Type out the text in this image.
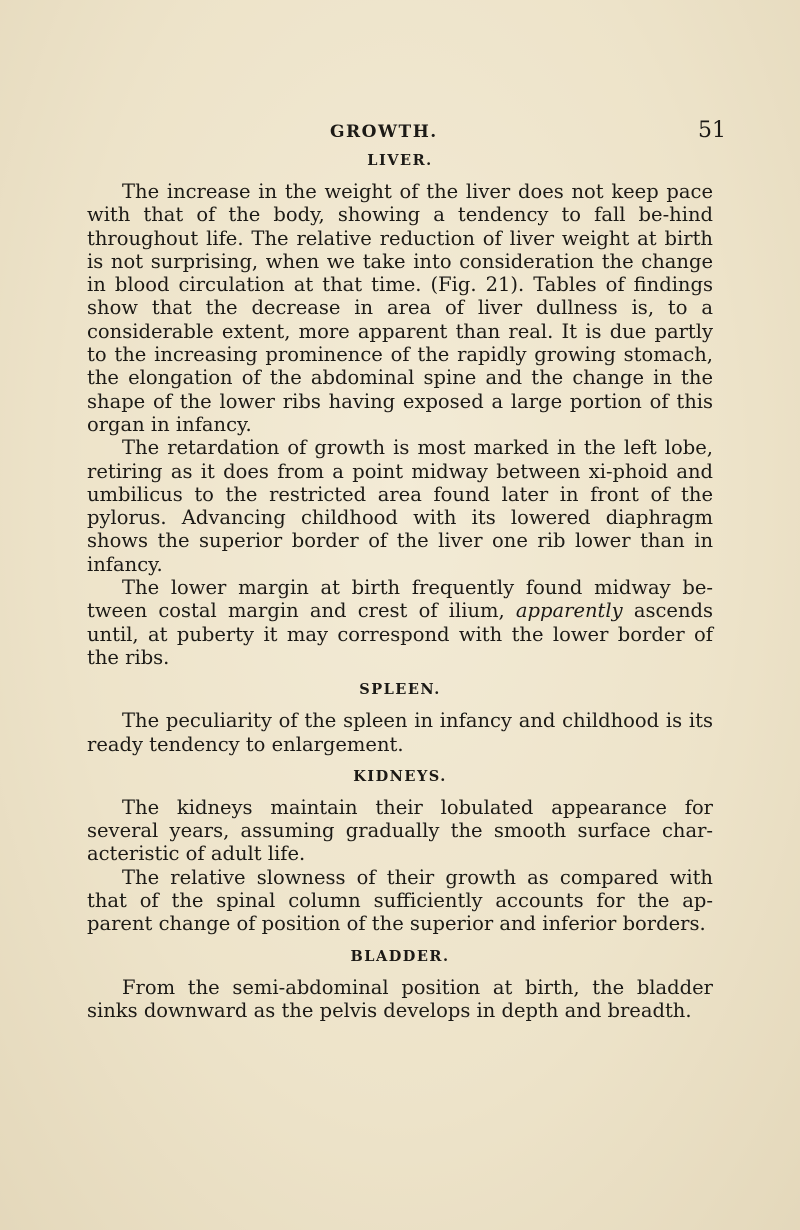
GROWTH.	51
LIVER.

The increase in the weight of the liver does not keep pace with that of the body, showing a tendency to fall be-hind throughout life. The relative reduction of liver weight at birth is not surprising, when we take into consideration the change in blood circulation at that time. (Fig. 21). Tables of findings show that the decrease in area of liver dullness is, to a considerable extent, more apparent than real. It is due partly to the increasing prominence of the rapidly growing stomach, the elongation of the abdominal spine and the change in the shape of the lower ribs having exposed a large portion of this organ in infancy.

The retardation of growth is most marked in the left lobe, retiring as it does from a point midway between xi-phoid and umbilicus to the restricted area found later in front of the pylorus. Advancing childhood with its lowered diaphragm shows the superior border of the liver one rib lower than in infancy.

The lower margin at birth frequently found midway be-tween costal margin and crest of ilium, apparently ascends until, at puberty it may correspond with the lower border of the ribs.

SPLEEN.

The peculiarity of the spleen in infancy and childhood is its ready tendency to enlargement.

KIDNEYS.

The kidneys maintain their lobulated appearance for several years, assuming gradually the smooth surface char-acteristic of adult life.

The relative slowness of their growth as compared with that of the spinal column sufficiently accounts for the ap-parent change of position of the superior and inferior borders.

BLADDER.

From the semi-abdominal position at birth, the bladder sinks downward as the pelvis develops in depth and breadth.
